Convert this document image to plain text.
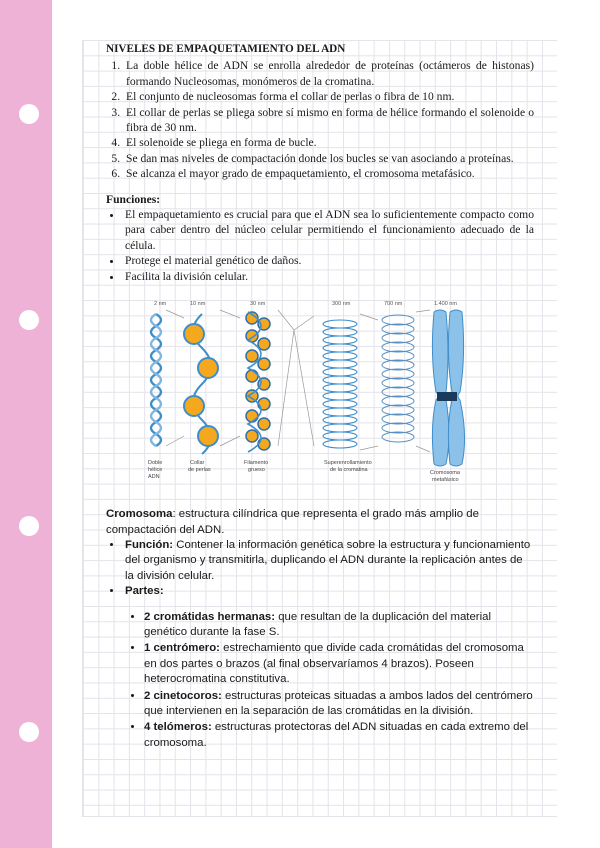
NIVELES DE EMPAQUETAMIENTO DEL ADN
1. La doble hélice de ADN se enrolla alrededor de proteínas (octámeros de histonas) formando Nucleosomas, monómeros de la cromatina.
2. El conjunto de nucleosomas forma el collar de perlas o fibra de 10 nm.
3. El collar de perlas se pliega sobre sí mismo en forma de hélice formando el solenoide o fibra de 30 nm.
4. El solenoide se pliega en forma de bucle.
5. Se dan mas niveles de compactación donde los bucles se van asociando a proteínas.
6. Se alcanza el mayor grado de empaquetamiento, el cromosoma metafásico.
Funciones:
• El empaquetamiento es crucial para que el ADN sea lo suficientemente compacto como para caber dentro del núcleo celular permitiendo el funcionamiento adecuado de la célula.
• Protege el material genético de daños.
• Facilita la división celular.
2 nm	10 nm	30 nm	300 nm	700 nm	1.400 nm
Doble hélice ADN
Collar de perlas
Filamento grueso
Superenrollamiento de la cromatina	Cromosoma metafásico

Cromosoma: estructura cilíndrica que representa el grado más amplio de compactación del ADN.

• Función: Contener la información genética sobre la estructura y funcionamiento del organismo y transmitirla, duplicando el ADN durante la replicación antes de la división celular.
• Partes:
• 2 cromátidas hermanas: que resultan de la duplicación del material genético durante la fase S.
• 1 centrómero: estrechamiento que divide cada cromátidas del cromosoma en dos partes o brazos (al final observaríamos 4 brazos). Poseen heterocromatina constitutiva.
• 2 cinetocoros: estructuras proteicas situadas a ambos lados del centrómero que intervienen en la separación de las cromátidas en la división.
• 4 telómeros: estructuras protectoras del ADN situadas en cada extremo del cromosoma.
